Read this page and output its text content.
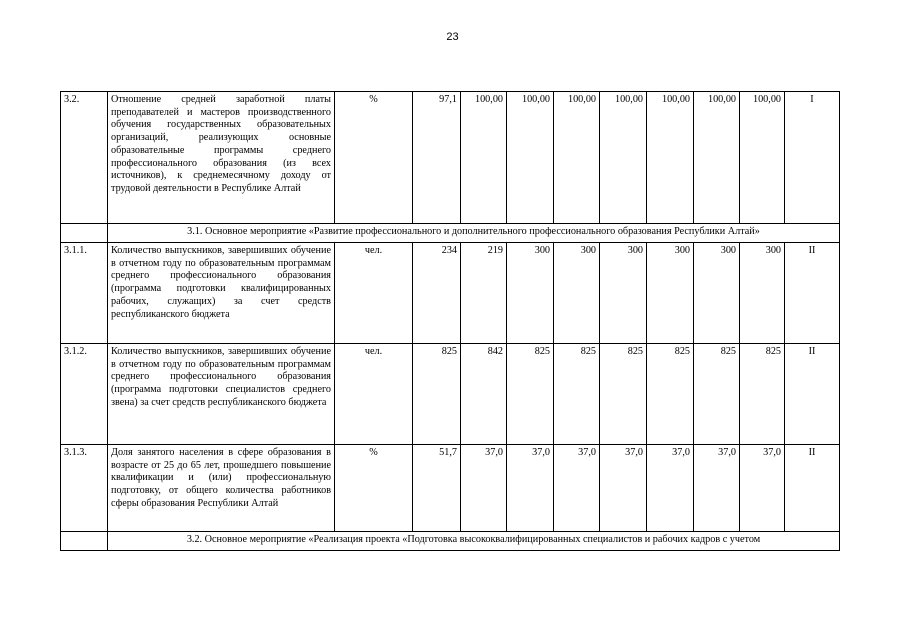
23
3.2.	Отношение средней заработной платы преподавателей и мастеров производственного обучения государственных образовательных организаций, реализующих основные образовательные программы среднего профессионального образования (из всех источников), к среднемесячному доходу от трудовой деятельности в Республике Алтай	%	97,1	100,00	100,00	100,00	100,00	100,00	100,00	100,00	I
	3.1. Основное мероприятие «Развитие профессионального и дополнительного профессионального образования Республики Алтай»										
3.1.1.	Количество выпускников, завершивших обучение в отчетном году по образовательным программам среднего профессионального образования (программа подготовки квалифицированных рабочих, служащих) за счет средств республиканского бюджета	чел.	234	219	300	300	300	300	300	300	II
3.1.2.	Количество выпускников, завершивших обучение в отчетном году по образовательным программам среднего профессионального образования (программа подготовки специалистов среднего звена) за счет средств республиканского бюджета	чел.	825	842	825	825	825	825	825	825	II
3.1.3.	Доля занятого населения в сфере образования в возрасте от 25 до 65 лет, прошедшего повышение квалификации и (или) профессиональную подготовку, от общего количества работников сферы образования Республики Алтай	%	51,7	37,0	37,0	37,0	37,0	37,0	37,0	37,0	II
	3.2. Основное мероприятие «Реализация проекта «Подготовка высококвалифицированных специалистов и рабочих кадров с учетом										
